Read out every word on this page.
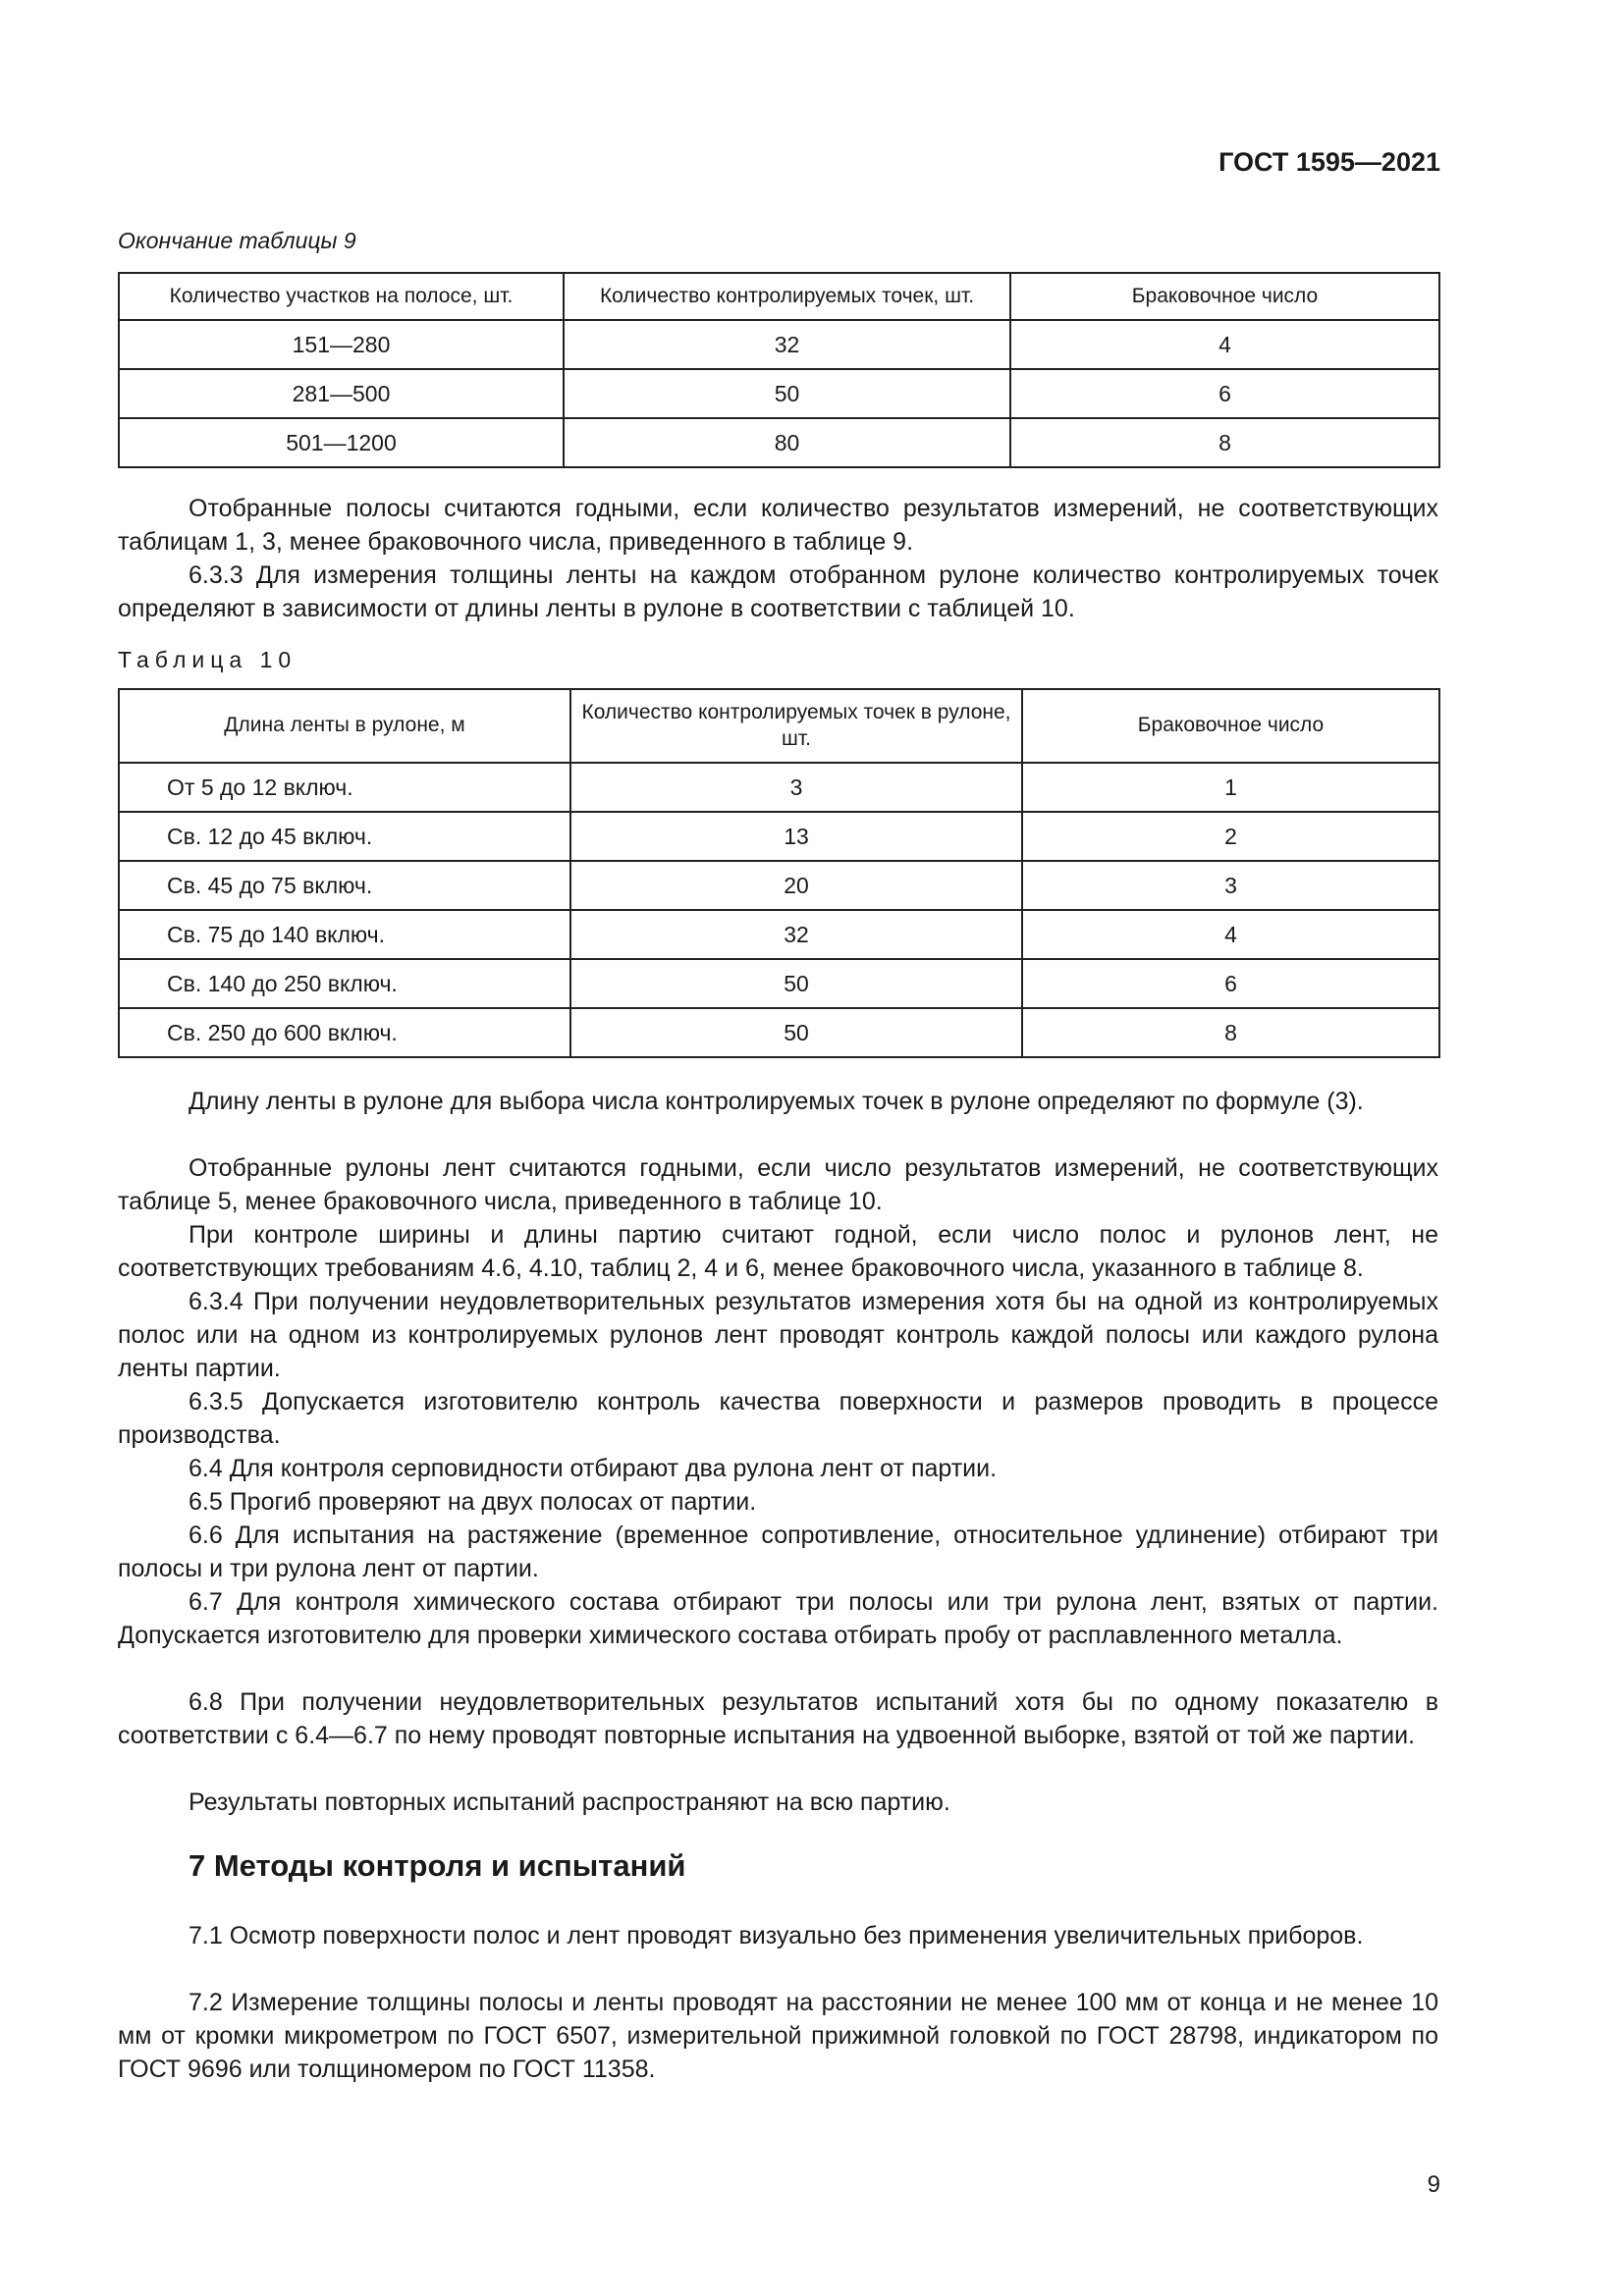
ГОСТ 1595—2021
Окончание таблицы 9
Количество участков на полосе, шт.	Количество контролируемых точек, шт.	Браковочное число
151—280	32	4
281—500	50	6
501—1200	80	8

Отобранные полосы считаются годными, если количество результатов измерений, не соответствующих таблицам 1, 3, менее браковочного числа, приведенного в таблице 9.

6.3.3 Для измерения толщины ленты на каждом отобранном рулоне количество контролируемых точек определяют в зависимости от длины ленты в рулоне в соответствии с таблицей 10.

Таблица 10
Длина ленты в рулоне, м	Количество контролируемых точек в рулоне, шт.	Браковочное число
От 5 до 12 включ.	3	1
Св. 12 до 45 включ.	13	2
Св. 45 до 75 включ.	20	3
Св. 75 до 140 включ.	32	4
Св. 140 до 250 включ.	50	6
Св. 250 до 600 включ.	50	8

Длину ленты в рулоне для выбора числа контролируемых точек в рулоне определяют по формуле (3).

Отобранные рулоны лент считаются годными, если число результатов измерений, не соответствующих таблице 5, менее браковочного числа, приведенного в таблице 10.

При контроле ширины и длины партию считают годной, если число полос и рулонов лент, не соответствующих требованиям 4.6, 4.10, таблиц 2, 4 и 6, менее браковочного числа, указанного в таблице 8.

6.3.4 При получении неудовлетворительных результатов измерения хотя бы на одной из контролируемых полос или на одном из контролируемых рулонов лент проводят контроль каждой полосы или каждого рулона ленты партии.

6.3.5 Допускается изготовителю контроль качества поверхности и размеров проводить в процессе производства.

6.4 Для контроля серповидности отбирают два рулона лент от партии.

6.5 Прогиб проверяют на двух полосах от партии.

6.6 Для испытания на растяжение (временное сопротивление, относительное удлинение) отбирают три полосы и три рулона лент от партии.

6.7 Для контроля химического состава отбирают три полосы или три рулона лент, взятых от партии. Допускается изготовителю для проверки химического состава отбирать пробу от расплавленного металла.

6.8 При получении неудовлетворительных результатов испытаний хотя бы по одному показателю в соответствии с 6.4—6.7 по нему проводят повторные испытания на удвоенной выборке, взятой от той же партии.

Результаты повторных испытаний распространяют на всю партию.

7 Методы контроля и испытаний

7.1 Осмотр поверхности полос и лент проводят визуально без применения увеличительных приборов.

7.2 Измерение толщины полосы и ленты проводят на расстоянии не менее 100 мм от конца и не менее 10 мм от кромки микрометром по ГОСТ 6507, измерительной прижимной головкой по ГОСТ 28798, индикатором по ГОСТ 9696 или толщиномером по ГОСТ 11358.

9
